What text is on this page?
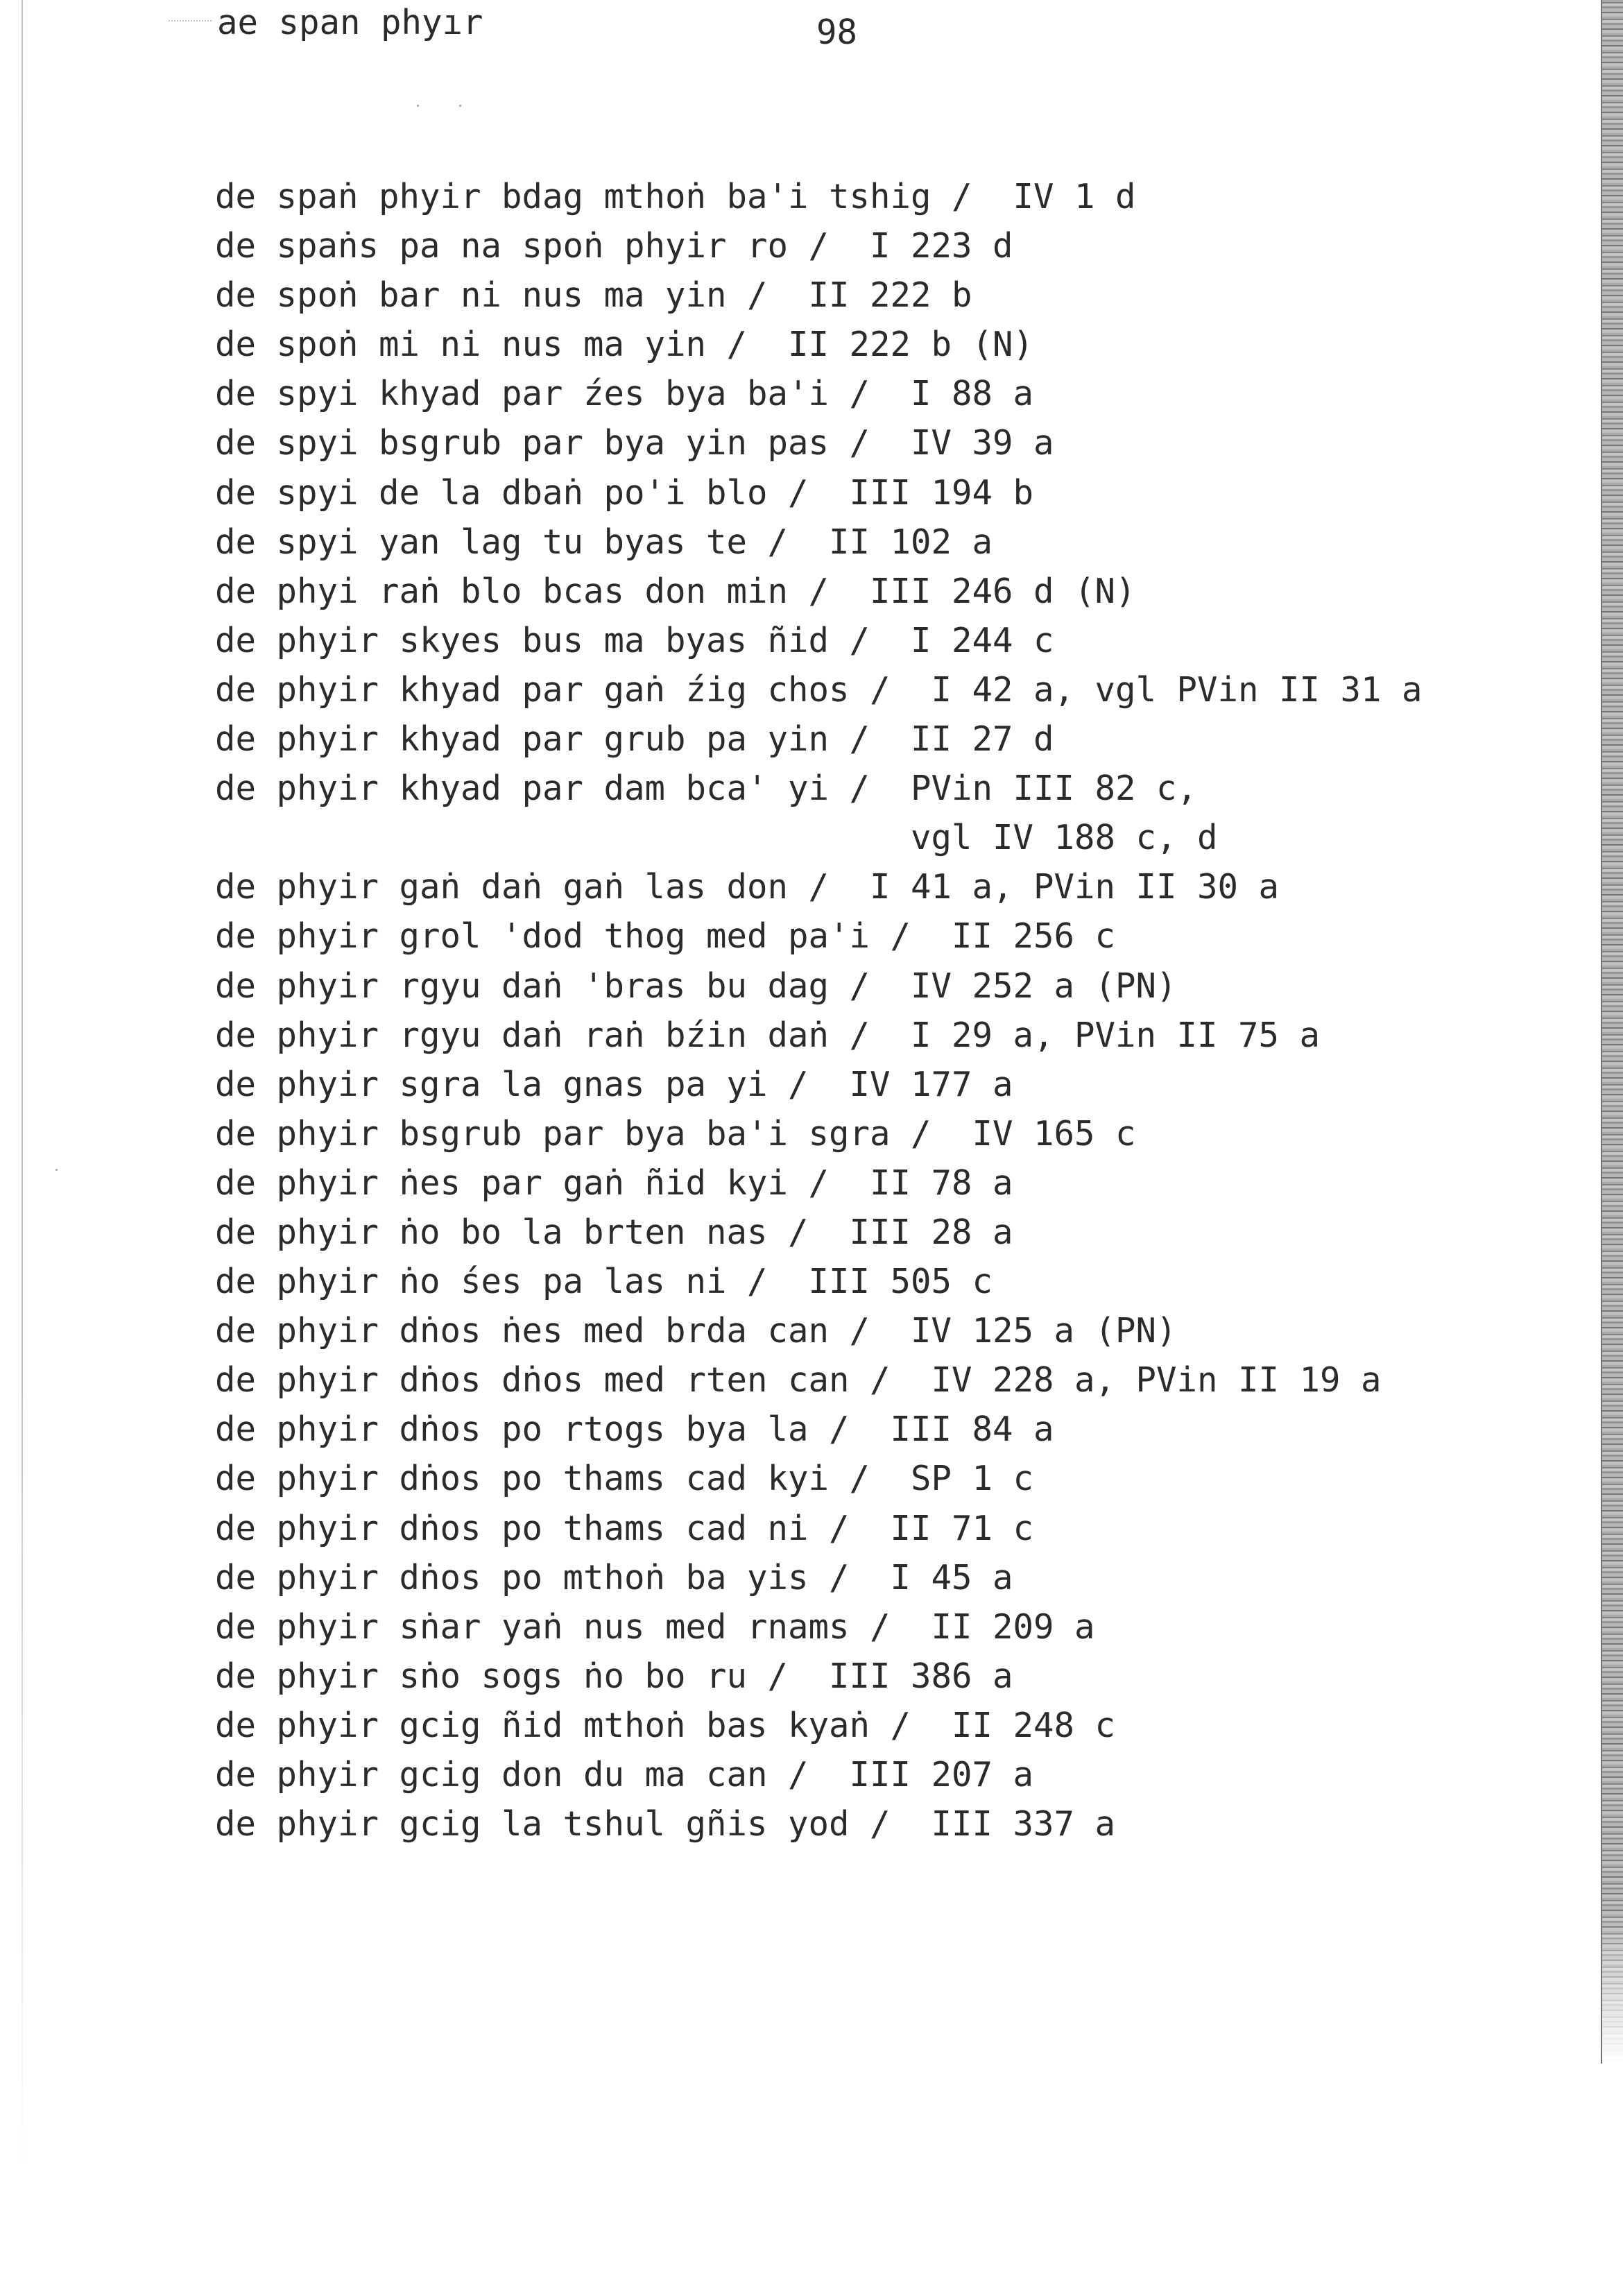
ae span phyır	98
de spaṅ phyir bdag mthoṅ ba'i tshig / IV 1 d
de spaṅs pa na spoṅ phyir ro / I 223 d
de spoṅ bar ni nus ma yin / II 222 b
de spoṅ mi ni nus ma yin / II 222 b (N)
de spyi khyad par źes bya ba'i / I 88 a
de spyi bsgrub par bya yin pas / IV 39 a
de spyi de la dbaṅ po'i blo / III 194 b
de spyi yan lag tu byas te / II 102 a
de phyi raṅ blo bcas don min / III 246 d (N)
de phyir skyes bus ma byas ñid / I 244 c
de phyir khyad par gaṅ źig chos / I 42 a, vgl PVin II 31 a
de phyir khyad par grub pa yin / II 27 d
de phyir khyad par dam bca' yi / PVin III 82 c,
vgl IV 188 c, d
de phyir gaṅ daṅ gaṅ las don / I 41 a, PVin II 30 a
de phyir grol 'dod thog med pa'i / II 256 c
de phyir rgyu daṅ 'bras bu dag / IV 252 a (PN)
de phyir rgyu daṅ raṅ bźin daṅ / I 29 a, PVin II 75 a
de phyir sgra la gnas pa yi / IV 177 a
de phyir bsgrub par bya ba'i sgra / IV 165 c
de phyir ṅes par gaṅ ñid kyi / II 78 a
de phyir ṅo bo la brten nas / III 28 a
de phyir ṅo śes pa las ni / III 505 c
de phyir dṅos ṅes med brda can / IV 125 a (PN)
de phyir dṅos dṅos med rten can / IV 228 a, PVin II 19 a
de phyir dṅos po rtogs bya la / III 84 a
de phyir dṅos po thams cad kyi / SP 1 c
de phyir dṅos po thams cad ni / II 71 c
de phyir dṅos po mthoṅ ba yis / I 45 a
de phyir sṅar yaṅ nus med rnams / II 209 a
de phyir sṅo sogs ṅo bo ru / III 386 a
de phyir gcig ñid mthoṅ bas kyaṅ / II 248 c
de phyir gcig don du ma can / III 207 a
de phyir gcig la tshul gñis yod / III 337 a
